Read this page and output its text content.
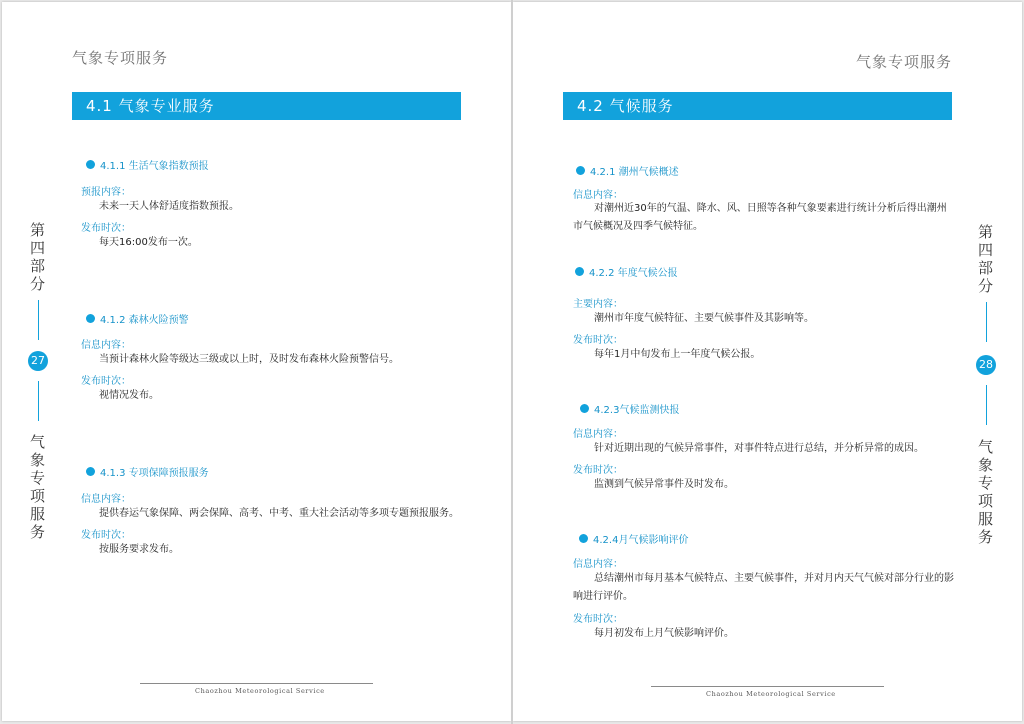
气象专项服务
4.1 气象专业服务
4.1.1 生活气象指数预报
预报内容：
未来一天人体舒适度指数预报。
发布时次：
每天16:00发布一次。
4.1.2 森林火险预警
信息内容：
当预计森林火险等级达三级或以上时，及时发布森林火险预警信号。
发布时次：
视情况发布。
4.1.3 专项保障预报服务
信息内容：
提供春运气象保障、两会保障、高考、中考、重大社会活动等多项专题预报服务。
发布时次：
按服务要求发布。
第四部分
27
气象专项服务
Chaozhou Meteorological Service
气象专项服务
4.2 气候服务
4.2.1 潮州气候概述
信息内容：
对潮州近30年的气温、降水、风、日照等各种气象要素进行统计分析后得出潮州市气候概况及四季气候特征。
4.2.2 年度气候公报
主要内容：
潮州市年度气候特征、主要气候事件及其影响等。
发布时次：
每年1月中旬发布上一年度气候公报。
4.2.3气候监测快报
信息内容：
针对近期出现的气候异常事件，对事件特点进行总结，并分析异常的成因。
发布时次：
监测到气候异常事件及时发布。
4.2.4月气候影响评价
信息内容：
总结潮州市每月基本气候特点、主要气候事件，并对月内天气气候对部分行业的影响进行评价。
发布时次：
每月初发布上月气候影响评价。
第四部分
28
气象专项服务
Chaozhou Meteorological Service
